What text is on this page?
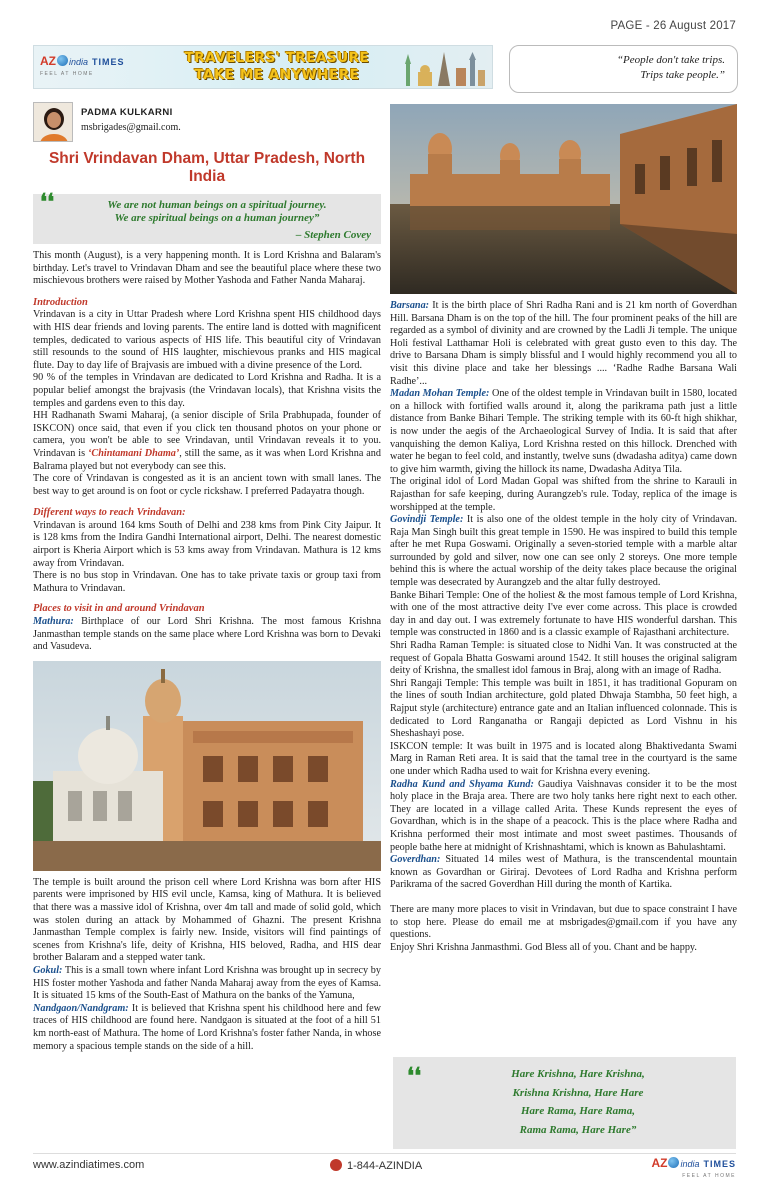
PAGE - 26 August 2017
AZ india TIMES
FEEL AT HOME
TRAVELERS' TREASURE
TAKE ME ANYWHERE
“People don't take trips.
Trips take people.”
PADMA KULKARNI
msbrigades@gmail.com.
Shri Vrindavan Dham, Uttar Pradesh, North India
❛❛	We are not human beings on a spiritual journey.
We are spiritual beings on a human journey”
– Stephen Covey

This month (August), is a very happening month. It is Lord Krishna and Balaram's birthday. Let's travel to Vrindavan Dham and see the beautiful place where these two mischievous brothers were raised by Mother Yashoda and Father Nanda Maharaj.

Introduction

Vrindavan is a city in Uttar Pradesh where Lord Krishna spent HIS childhood days with HIS dear friends and loving parents. The entire land is dotted with magnificent temples, dedicated to various aspects of HIS life. This beautiful city of Vrindavan still resounds to the sound of HIS laughter, mischievous pranks and HIS magical flute. Day to day life of Brajvasis are imbued with a divine presence of the Lord.

90 % of the temples in Vrindavan are dedicated to Lord Krishna and Radha. It is a popular belief amongst the brajvasis (the Vrindavan locals), that Krishna visits the temples and gardens even to this day.

HH Radhanath Swami Maharaj, (a senior disciple of Srila Prabhupada, founder of ISKCON) once said, that even if you click ten thousand photos on your phone or camera, you won't be able to see Vrindavan, until Vrindavan reveals it to you. Vrindavan is ‘Chintamani Dhama’, still the same, as it was when Lord Krishna and Balrama played but not everybody can see this.

The core of Vrindavan is congested as it is an ancient town with small lanes. The best way to get around is on foot or cycle rickshaw. I preferred Padayatra though.

Different ways to reach Vrindavan:

Vrindavan is around 164 kms South of Delhi and 238 kms from Pink City Jaipur. It is 128 kms from the Indira Gandhi International airport, Delhi. The nearest domestic airport is Kheria Airport which is 53 kms away from Vrindavan. Mathura is 12 kms away from Vrindavan.

There is no bus stop in Vrindavan. One has to take private taxis or group taxi from Mathura to Vrindavan.

Places to visit in and around Vrindavan

Mathura: Birthplace of our Lord Shri Krishna. The most famous Krishna Janmasthan temple stands on the same place where Lord Krishna was born to Devaki and Vasudeva.

The temple is built around the prison cell where Lord Krishna was born after HIS parents were imprisoned by HIS evil uncle, Kamsa, king of Mathura. It is believed that there was a massive idol of Krishna, over 4m tall and made of solid gold, which was stolen during an attack by Mohammed of Ghazni. The present Krishna Janmasthan Temple complex is fairly new. Inside, visitors will find paintings of scenes from Krishna's life, deity of Krishna, HIS beloved, Radha, and HIS dear brother Balaram and a stepped water tank.

Gokul: This is a small town where infant Lord Krishna was brought up in secrecy by HIS foster mother Yashoda and father Nanda Maharaj away from the eyes of Kamsa. It is situated 15 kms of the South-East of Mathura on the banks of the Yamuna,

Nandgaon/Nandgram: It is believed that Krishna spent his childhood here and few traces of HIS childhood are found here. Nandgaon is situated at the foot of a hill 51 km north-east of Mathura. The home of Lord Krishna's foster father Nanda, in whose memory a spacious temple stands on the side of a hill.

Barsana: It is the birth place of Shri Radha Rani and is 21 km north of Goverdhan Hill. Barsana Dham is on the top of the hill. The four prominent peaks of the hill are regarded as a symbol of divinity and are crowned by the Ladli Ji temple. The unique Holi festival Latthamar Holi is celebrated with great gusto even to this day. The drive to Barsana Dham is simply blissful and I would highly recommend you all to visit this divine place and take her blessings .... ‘Radhe Radhe Barsana Wali Radhe’...

Madan Mohan Temple: One of the oldest temple in Vrindavan built in 1580, located on a hillock with fortified walls around it, along the parikrama path just a little distance from Banke Bihari Temple. The striking temple with its 60-ft high shikhar, is now under the aegis of the Archaeological Survey of India. It is said that after vanquishing the demon Kaliya, Lord Krishna rested on this hillock. Drenched with water he began to feel cold, and instantly, twelve suns (dwadasha aditya) came down to give him warmth, giving the hillock its name, Dwadasha Aditya Tila.

The original idol of Lord Madan Gopal was shifted from the shrine to Karauli in Rajasthan for safe keeping, during Aurangzeb's rule. Today, replica of the image is worshipped at the temple.

Govindji Temple: It is also one of the oldest temple in the holy city of Vrindavan. Raja Man Singh built this great temple in 1590. He was inspired to build this temple after he met Rupa Goswami. Originally a seven-storied temple with a marble altar surrounded by gold and silver, now one can see only 2 storeys. One more temple behind this is where the actual worship of the deity takes place because the original temple was desecrated by Aurangzeb and the altar fully destroyed.

Banke Bihari Temple: One of the holiest & the most famous temple of Lord Krishna, with one of the most attractive deity I've ever come across. This place is crowded day in and day out. I was extremely fortunate to have HIS wonderful darshan. This temple was constructed in 1860 and is a classic example of Rajasthani architecture.

Shri Radha Raman Temple: is situated close to Nidhi Van. It was constructed at the request of Gopala Bhatta Goswami around 1542. It still houses the original saligram deity of Krishna, the smallest idol famous in Braj, along with an image of Radha.

Shri Rangaji Temple: This temple was built in 1851, it has traditional Gopuram on the lines of south Indian architecture, gold plated Dhwaja Stambha, 50 feet high, a Rajput style (architecture) entrance gate and an Italian influenced colonnade. This is dedicated to Lord Ranganatha or Rangaji depicted as Lord Vishnu in his Sheshashayi pose.

ISKCON temple: It was built in 1975 and is located along Bhaktivedanta Swami Marg in Raman Reti area. It is said that the tamal tree in the courtyard is the same one under which Radha used to wait for Krishna every evening.

Radha Kund and Shyama Kund: Gaudiya Vaishnavas consider it to be the most holy place in the Braja area. There are two holy tanks here right next to each other. They are located in a village called Arita. These Kunds represent the eyes of Govardhan, which is in the shape of a peacock. This is the place where Radha and Krishna performed their most intimate and most sweet pastimes. Thousands of people bathe here at midnight of Krishnashtami, which is known as Bahulashtami.

Goverdhan: Situated 14 miles west of Mathura, is the transcendental mountain known as Govardhan or Giriraj. Devotees of Lord Radha and Krishna perform Parikrama of the sacred Goverdhan Hill during the month of Kartika.

There are many more places to visit in Vrindavan, but due to space constraint I have to stop here. Please do email me at msbrigades@gmail.com if you have any questions.

Enjoy Shri Krishna Janmasthmi. God Bless all of you. Chant and be happy.

❛❛	Hare Krishna, Hare Krishna,
Krishna Krishna, Hare Hare
Hare Rama, Hare Rama,
Rama Rama, Hare Hare”
www.azindiatimes.com	1-844-AZINDIA	AZ india TIMES
FEEL AT HOME
